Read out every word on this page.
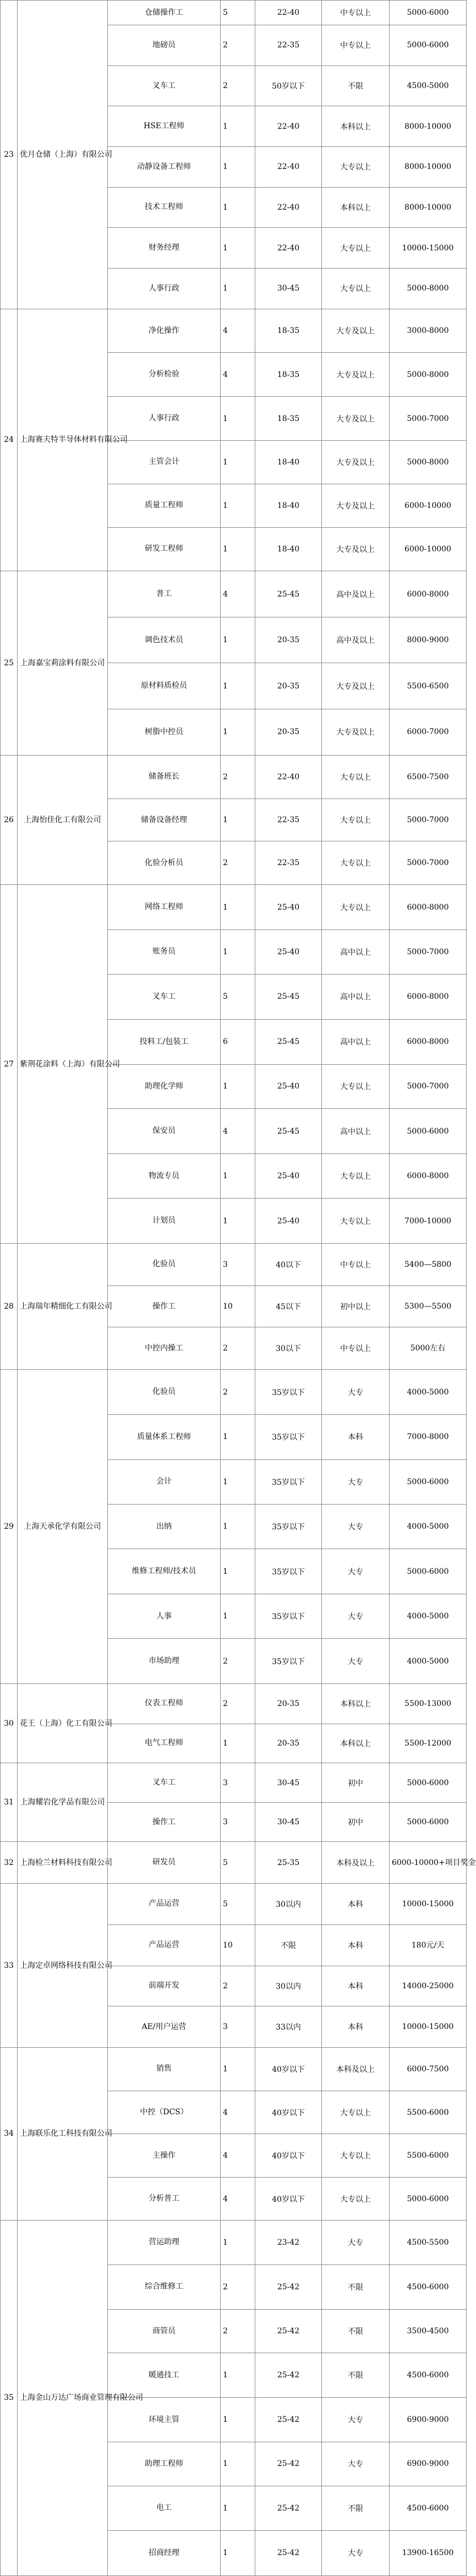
23	优月仓储（上海）有限公司	仓储操作工	5	22-40	中专以上	5000-6000
		地磅员	2	22-35	中专以上	5000-6000
		叉车工	2	50岁以下	不限	4500-5000
		HSE工程师	1	22-40	本科以上	8000-10000
		动静设备工程师	1	22-40	大专以上	8000-10000
		技术工程师	1	22-40	本科以上	8000-10000
		财务经理	1	22-40	大专以上	10000-15000
		人事行政	1	30-45	大专以上	5000-8000
24	上海赛夫特半导体材料有限公司	净化操作	4	18-35	大专及以上	3000-8000
		分析检验	4	18-35	大专及以上	5000-8000
		人事行政	1	18-35	大专及以上	5000-7000
		主管会计	1	18-40	大专及以上	5000-8000
		质量工程师	1	18-40	大专及以上	6000-10000
		研发工程师	1	18-40	大专及以上	6000-10000
25	上海嘉宝莉涂料有限公司	普工	4	25-45	高中及以上	6000-8000
		调色技术员	1	20-35	高中及以上	8000-9000
		原材料质检员	1	20-35	大专及以上	5500-6500
		树脂中控员	1	20-35	大专及以上	6000-7000
26	上海怡佳化工有限公司	储备班长	2	22-40	大专以上	6500-7500
		储备设备经理	1	22-35	大专以上	5000-7000
		化验分析员	2	22-35	大专以上	5000-7000
27	紫荆花涂料（上海）有限公司	网络工程师	1	25-40	大专以上	6000-8000
		账务员	1	25-40	高中以上	5000-7000
		叉车工	5	25-45	高中以上	6000-8000
		投料工/包装工	6	25-45	高中以上	6000-8000
		助理化学师	1	25-40	大专以上	5000-7000
		保安员	4	25-45	高中以上	5000-6000
		物流专员	1	25-40	大专以上	6000-8000
		计划员	1	25-40	大专以上	7000-10000
28	上海瑞年精细化工有限公司	化验员	3	40以下	中专以上	5400—5800
		操作工	10	45以下	初中以上	5300—5500
		中控内操工	2	30以下	中专以上	5000左右
29	上海天承化学有限公司	化验员	2	35岁以下	大专	4000-5000
		质量体系工程师	1	35岁以下	本科	7000-8000
		会计	1	35岁以下	大专	5000-6000
		出纳	1	35岁以下	大专	4000-5000
		维修工程师/技术员	1	35岁以下	大专	5000-6000
		人事	1	35岁以下	大专	4000-5000
		市场助理	2	35岁以下	大专	4000-5000
30	花王（上海）化工有限公司	仪表工程师	2	20-35	本科以上	5500-13000
		电气工程师	1	20-35	本科以上	5500-12000
31	上海耀岩化学品有限公司	叉车工	3	30-45	初中	5000-6000
		操作工	3	30-45	初中	5000-6000
32	上海检兰材料科技有限公司	研发员	5	25-35	本科及以上	6000-10000+项目奖金
33	上海定卓网络科技有限公司	产品运营	5	30以内	本科	10000-15000
		产品运营	10	不限	本科	180元/天
		前端开发	2	30以内	本科	14000-25000
		AE/用户运营	3	33以内	本科	10000-15000
34	上海联乐化工科技有限公司	销售	1	40岁以下	本科及以上	6000-7500
		中控（DCS）	4	40岁以下	大专以上	5500-6000
		主操作	4	40岁以下	大专以上	5500-6000
		分析普工	4	40岁以下	大专以上	5000-6000
35	上海金山万达广场商业管理有限公司	营运助理	1	23-42	大专	4500-5500
		综合维修工	2	25-42	不限	4500-6000
		商管员	2	25-42	不限	3500-4500
		暖通技工	1	25-42	不限	4500-6000
		环境主管	1	25-42	大专	6900-9000
		助理工程师	1	25-42	大专	6900-9000
		电工	1	25-42	不限	4500-6000
		招商经理	1	25-42	大专	13900-16500
